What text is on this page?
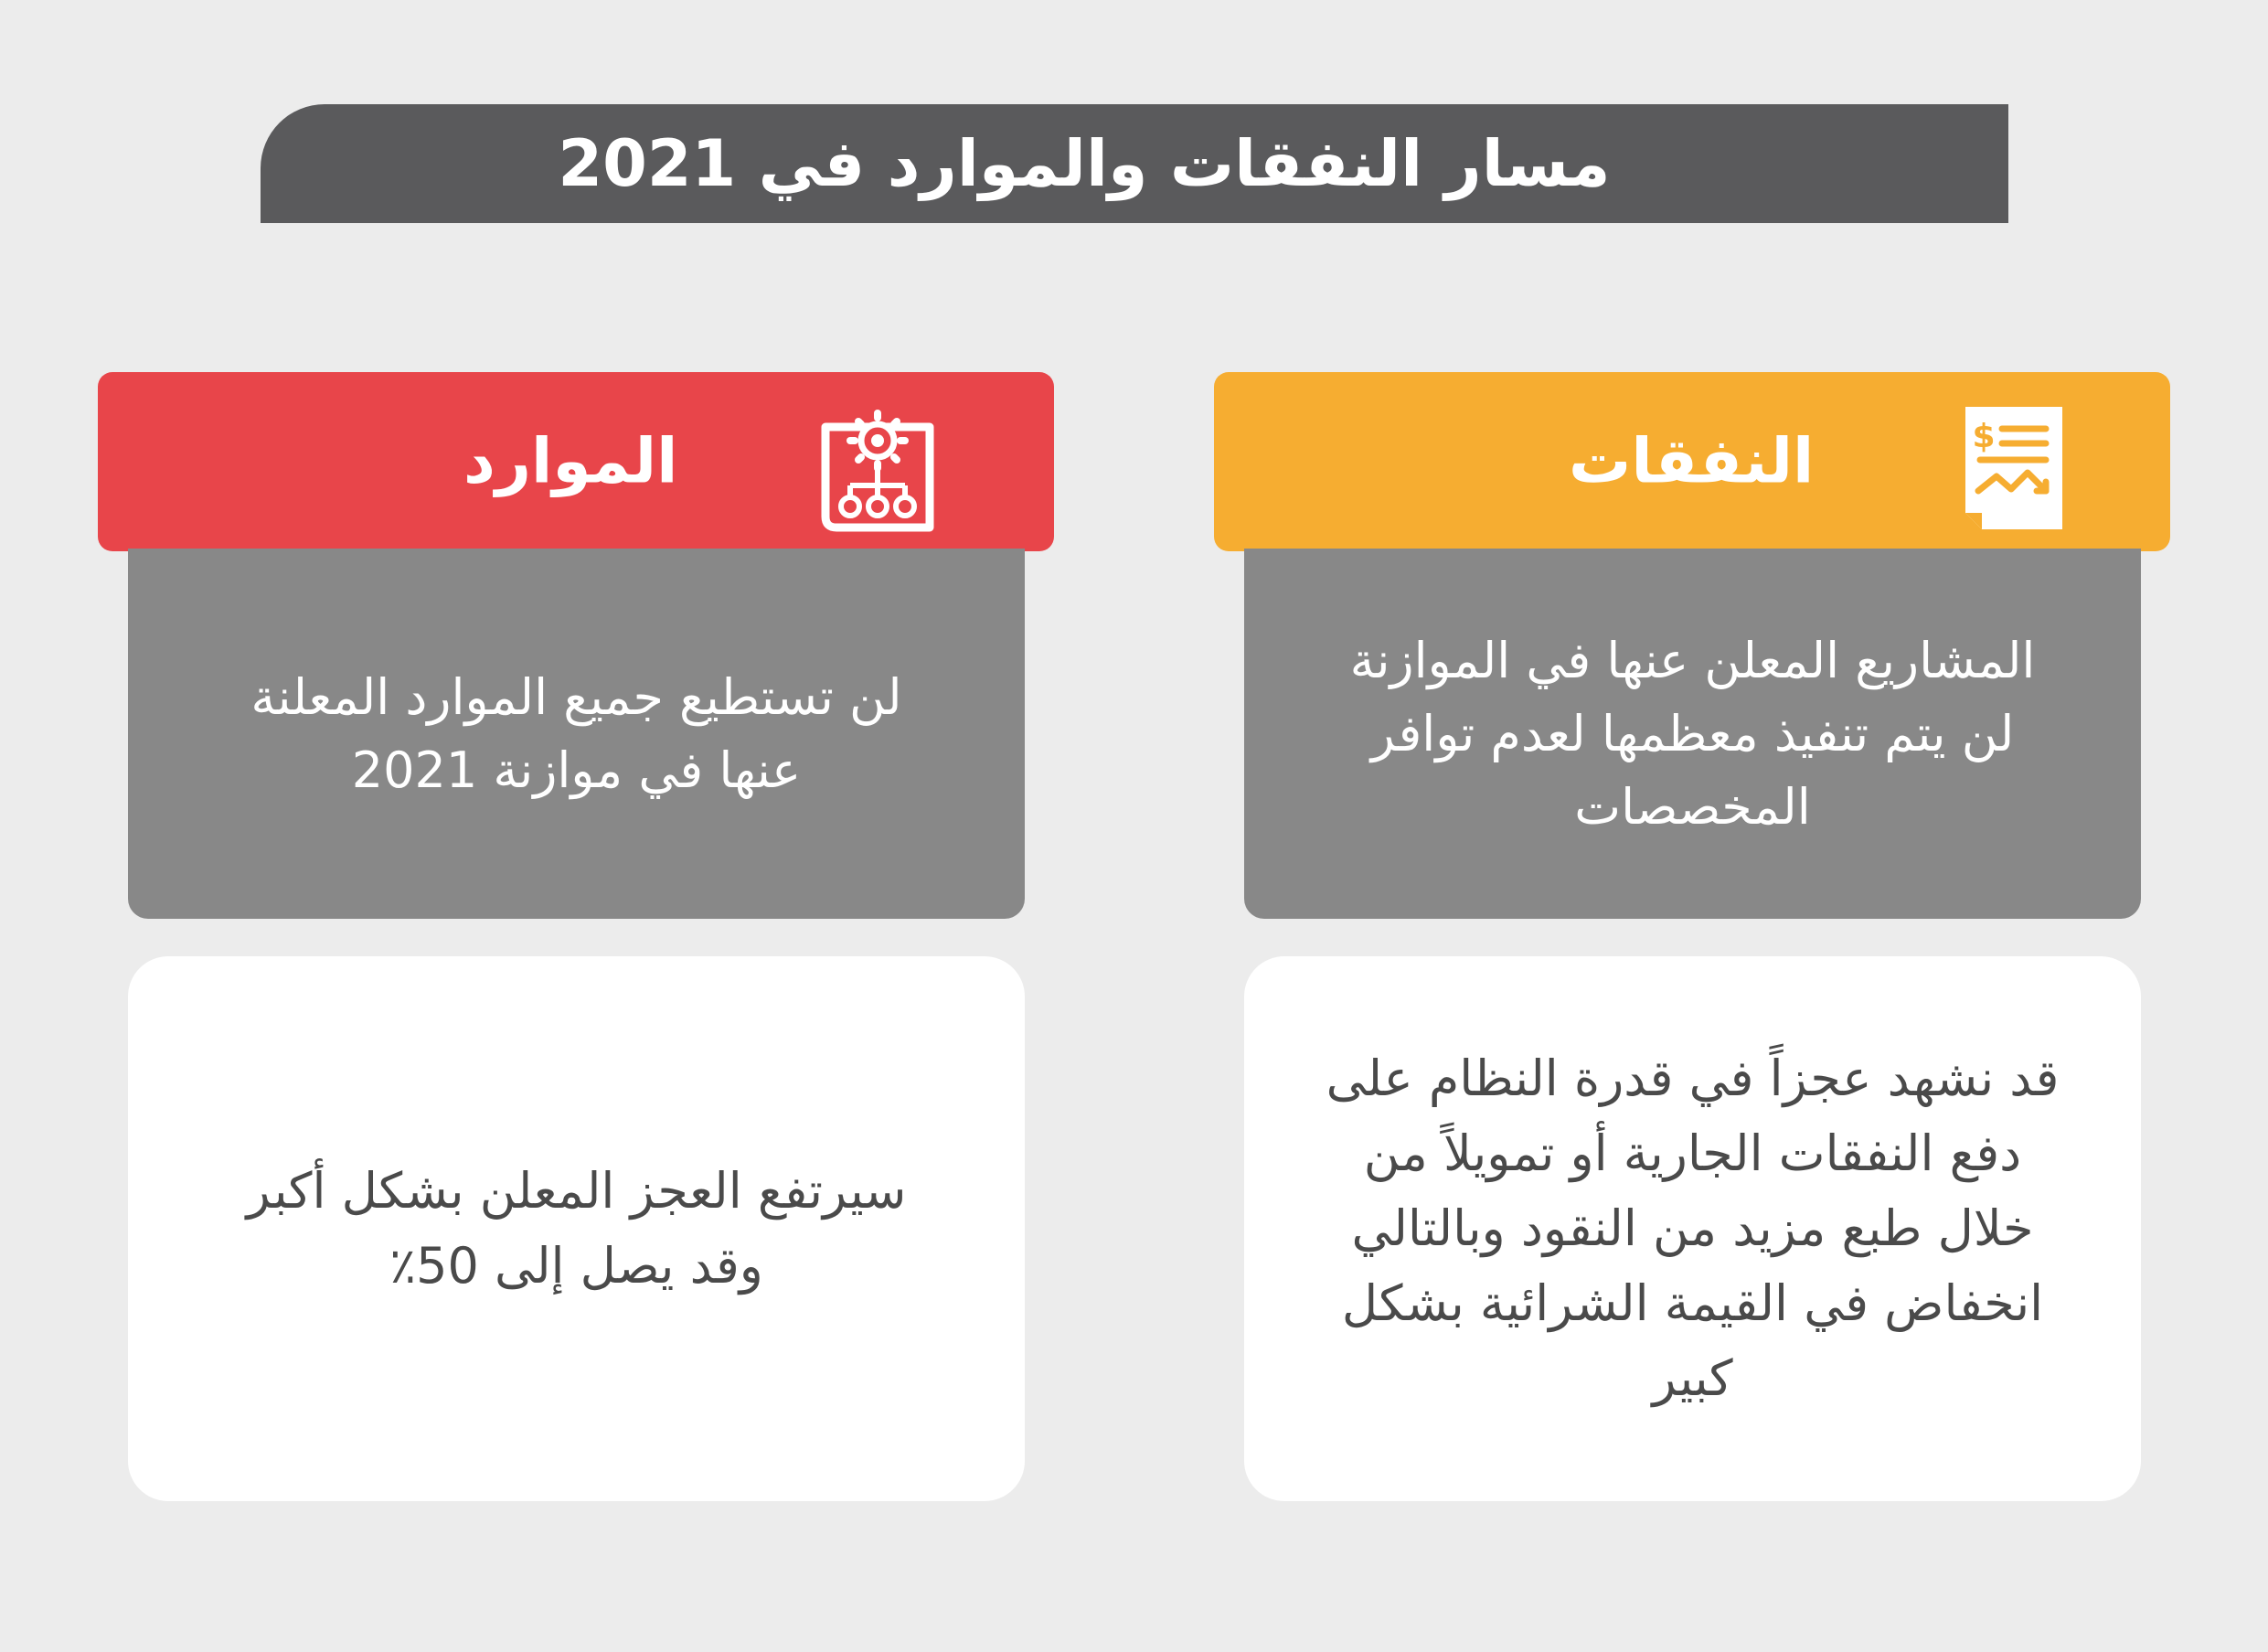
مسار النفقات والموارد في 2021
الموارد	النفقات	$
لن تستطيع جميع الموارد المعلنة
عنها في موازنة 2021
المشاريع المعلن عنها في الموازنة
لن يتم تنفيذ معظمها لعدم توافر
المخصصات
سيرتفع العجز المعلن بشكل أكبر
وقد يصل إلى 50٪
قد نشهد عجزاً في قدرة النظام على
دفع النفقات الجارية أو تمويلاً من
خلال طبع مزيد من النقود وبالتالي
انخفاض في القيمة الشرائية بشكل
كبير
